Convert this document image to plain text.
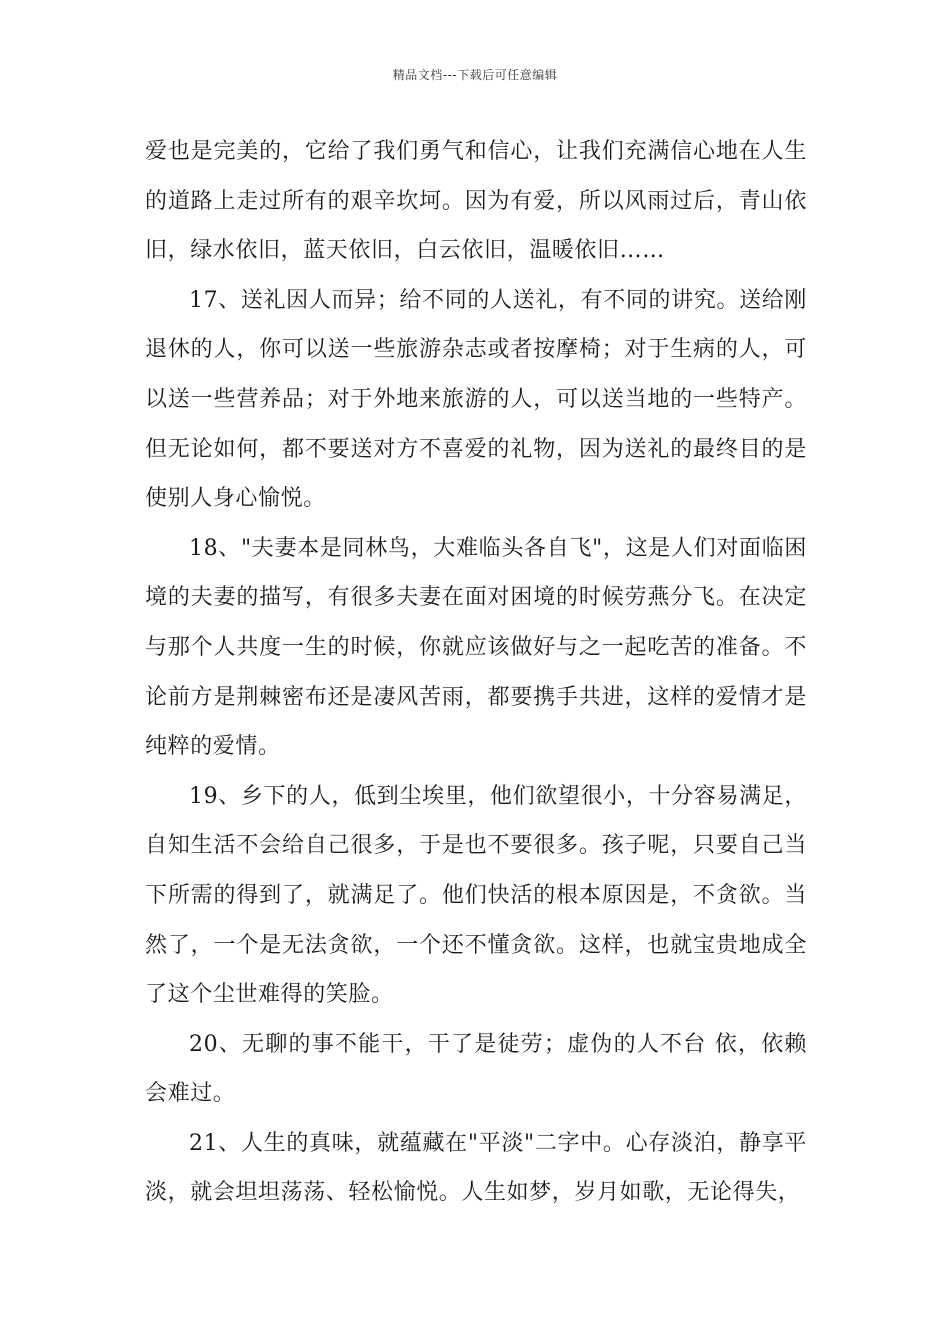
精品文档---下载后可任意编辑

爱也是完美的，它给了我们勇气和信心，让我们充满信心地在人生的道路上走过所有的艰辛坎坷。因为有爱，所以风雨过后，青山依旧，绿水依旧，蓝天依旧，白云依旧，温暖依旧……

17、送礼因人而异；给不同的人送礼，有不同的讲究。送给刚退休的人，你可以送一些旅游杂志或者按摩椅；对于生病的人，可以送一些营养品；对于外地来旅游的人，可以送当地的一些特产。但无论如何，都不要送对方不喜爱的礼物，因为送礼的最终目的是使别人身心愉悦。

18、"夫妻本是同林鸟，大难临头各自飞"，这是人们对面临困境的夫妻的描写，有很多夫妻在面对困境的时候劳燕分飞。在决定与那个人共度一生的时候，你就应该做好与之一起吃苦的准备。不论前方是荆棘密布还是凄风苦雨，都要携手共进，这样的爱情才是纯粹的爱情。

19、乡下的人，低到尘埃里，他们欲望很小，十分容易满足，自知生活不会给自己很多，于是也不要很多。孩子呢，只要自己当下所需的得到了，就满足了。他们快活的根本原因是，不贪欲。当然了，一个是无法贪欲，一个还不懂贪欲。这样，也就宝贵地成全了这个尘世难得的笑脸。

20、无聊的事不能干，干了是徒劳；虚伪的人不台 依，依赖会难过。

21、人生的真味，就蕴藏在"平淡"二字中。心存淡泊，静享平淡，就会坦坦荡荡、轻松愉悦。人生如梦，岁月如歌，无论得失，
